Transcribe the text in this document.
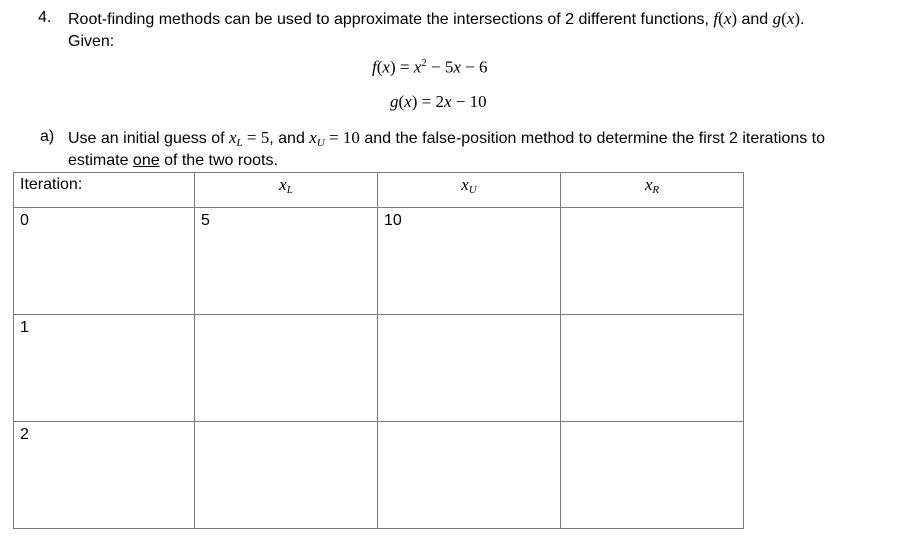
4. Root-finding methods can be used to approximate the intersections of 2 different functions, f(x) and g(x).
Given:
$f(x) = x^2 - 5x - 6$
g(x) = 2x − 10
a) Use an initial guess of $x_L = 5$, and $x_U = 10$ and the false-position method to determine the first 2 iterations to
estimate one of the two roots.
Iteration:	$x_L$	$x_U$	$x_R$

0	5	10	

1			

2			
